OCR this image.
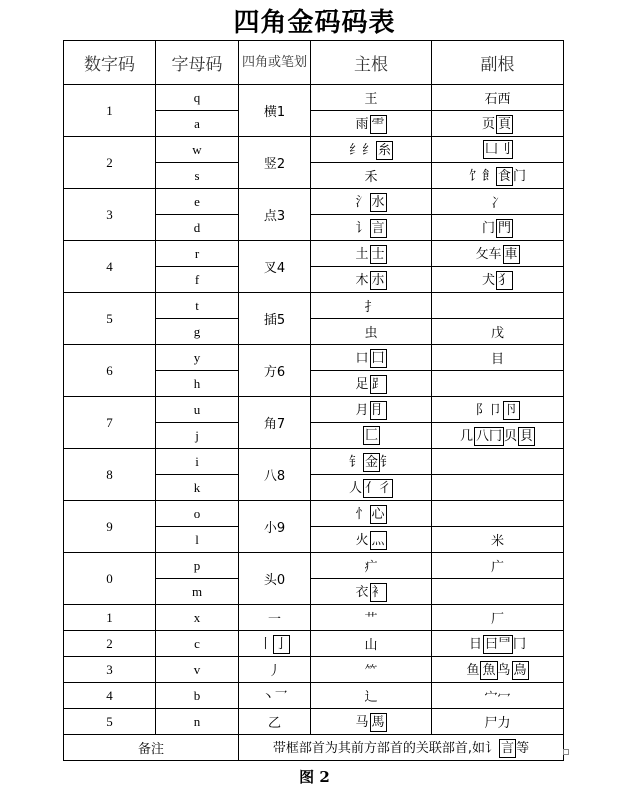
四角金码码表
数字码	字母码	四角或笔划	主根	副根
1	q	横1	王	石西
	a		雨 ⻗	页 頁
2	w	竖2	纟纟 糸	凵刂
	s		禾	饣飠 食 门
3	e	点3	氵 水	冫
	d		讠 言	门 門
4	r	叉4	土 士	攵车 車
	f		木 朩	犬 犭
5	t	插5	扌	
	g		虫	戊
6	y	方6	口 囗	目
	h		足 ⻊	
7	u	角7	月 ⺝	阝卩 卪
	j		匚	几 八冂 贝 貝
8	i	八8	钅 金 钅	
	k		人 亻彳	
9	o	小9	忄 心	
	l		火 灬	米
0	p	头0	疒	广
	m		衣 衤	
1	x	一	艹	厂
2	c	丨 亅	山	日 曰⺜ 冂
3	v	丿	⺮	鱼 魚 鸟 鳥
4	b	丶乛	辶	宀冖
5	n	乙	马 馬	尸力
备注		带框部首为其前方部首的关联部首,如讠 言 等		
图 2
